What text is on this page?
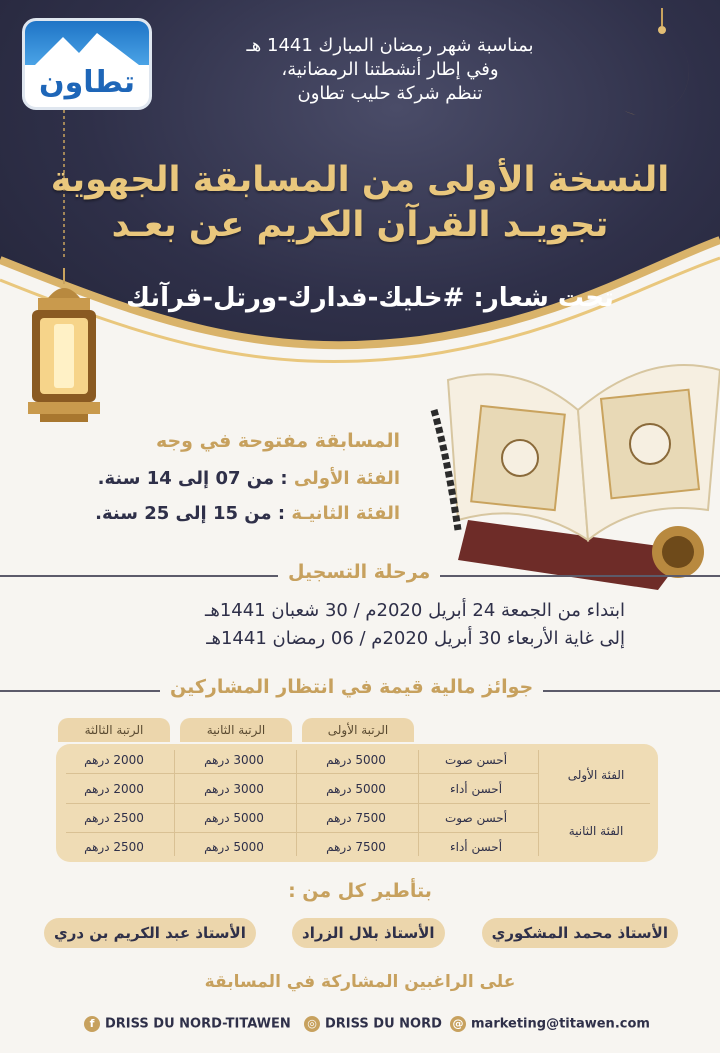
تطاون
بمناسبة شهر رمضان المبارك 1441 هـ
وفي إطار أنشطتنا الرمضانية،
تنظم شركة حليب تطاون
النسخة الأولى من المسابقة الجهوية
تجويـد القرآن الكريم عن بعـد
تحت شعار: #خليك-فدارك-ورتل-قرآنك
المسابقة مفتوحة في وجه
الفئة الأولى : من 07 إلى 14 سنة.
الفئة الثانيـة : من 15 إلى 25 سنة.
مرحلة التسجيل
ابتداء من الجمعة 24 أبريل 2020م / 30 شعبان 1441هـ
إلى غاية الأربعاء 30 أبريل 2020م / 06 رمضان 1441هـ
جوائز مالية قيمة في انتظار المشاركين
الرتبة الأولى
الرتبة الثانية
الرتبة الثالثة
الفئة الأولى
الفئة الثانية
أحسن صوت
5000 درهم
3000 درهم
2000 درهم
أحسن أداء
5000 درهم
3000 درهم
2000 درهم
أحسن صوت
7500 درهم
5000 درهم
2500 درهم
أحسن أداء
7500 درهم
5000 درهم
2500 درهم
بتأطير كل من :
الأستاذ محمد المشكوري
الأستاذ بلال الزراد
الأستاذ عبد الكريم بن دري
على الراغبين المشاركة في المسابقة
f DRISS DU NORD-TITAWEN ◎ DRISS DU NORD @ marketing@titawen.com
